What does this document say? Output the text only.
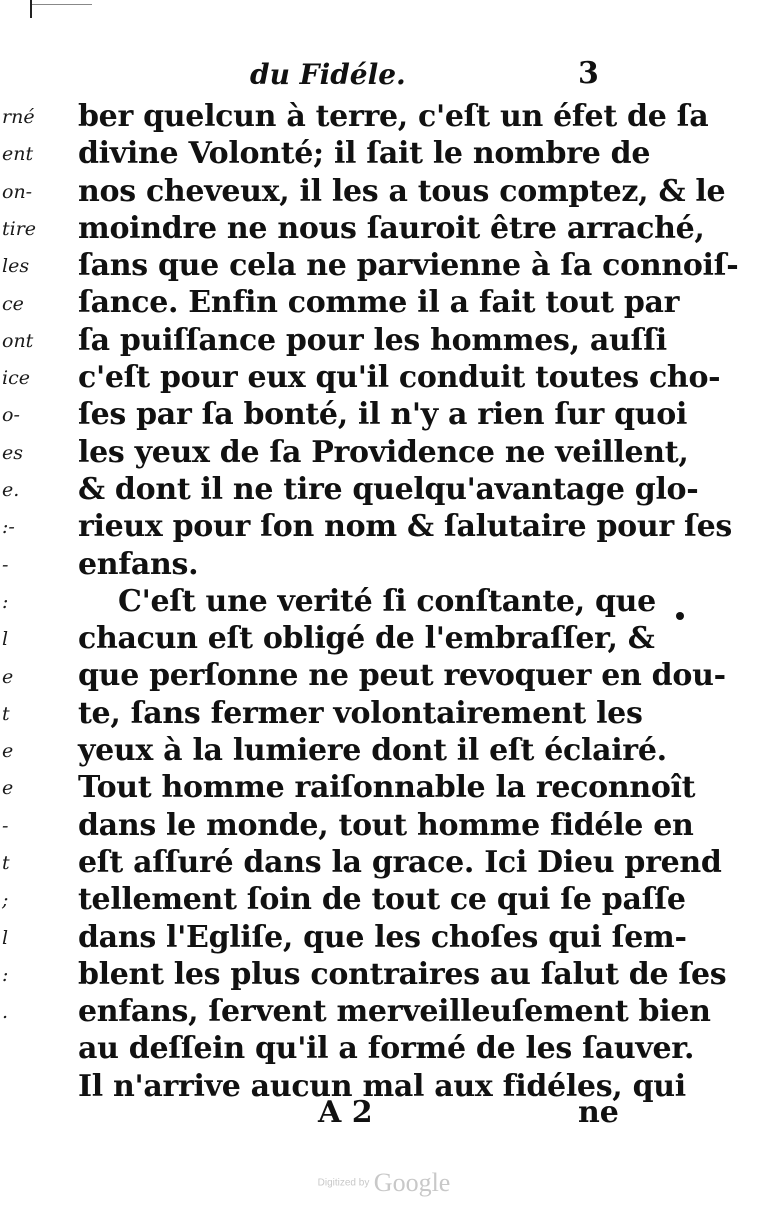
rné
ent
on-
tire
les
ce
ont
ice
o-
es
e.
:-
-
:
l
e
t
e
e
-
t
;
l
:
.
du Fidéle.	3
ber quelcun à terre, c'eſt un éfet de ſa
divine Volonté; il ſait le nombre de
nos cheveux, il les a tous comptez, & le
moindre ne nous ſauroit être arraché,
ſans que cela ne parvienne à ſa connoiſ-
ſance. Enfin comme il a fait tout par
ſa puiſſance pour les hommes, auſſi
c'eſt pour eux qu'il conduit toutes cho-
ſes par ſa bonté, il n'y a rien ſur quoi
les yeux de ſa Providence ne veillent,
& dont il ne tire quelqu'avantage glo-
rieux pour ſon nom & ſalutaire pour ſes
enfans.
C'eſt une verité ſi conſtante, que
chacun eſt obligé de l'embraſſer, &
que perſonne ne peut revoquer en dou-
te, ſans fermer volontairement les
yeux à la lumiere dont il eſt éclairé.
Tout homme raiſonnable la reconnoît
dans le monde, tout homme fidéle en
eſt aſſuré dans la grace. Ici Dieu prend
tellement ſoin de tout ce qui ſe paſſe
dans l'Egliſe, que les choſes qui ſem-
blent les plus contraires au ſalut de ſes
enfans, ſervent merveilleuſement bien
au deſſein qu'il a formé de les ſauver.
Il n'arrive aucun mal aux fidéles, qui
A 2	ne
Digitized by Google
